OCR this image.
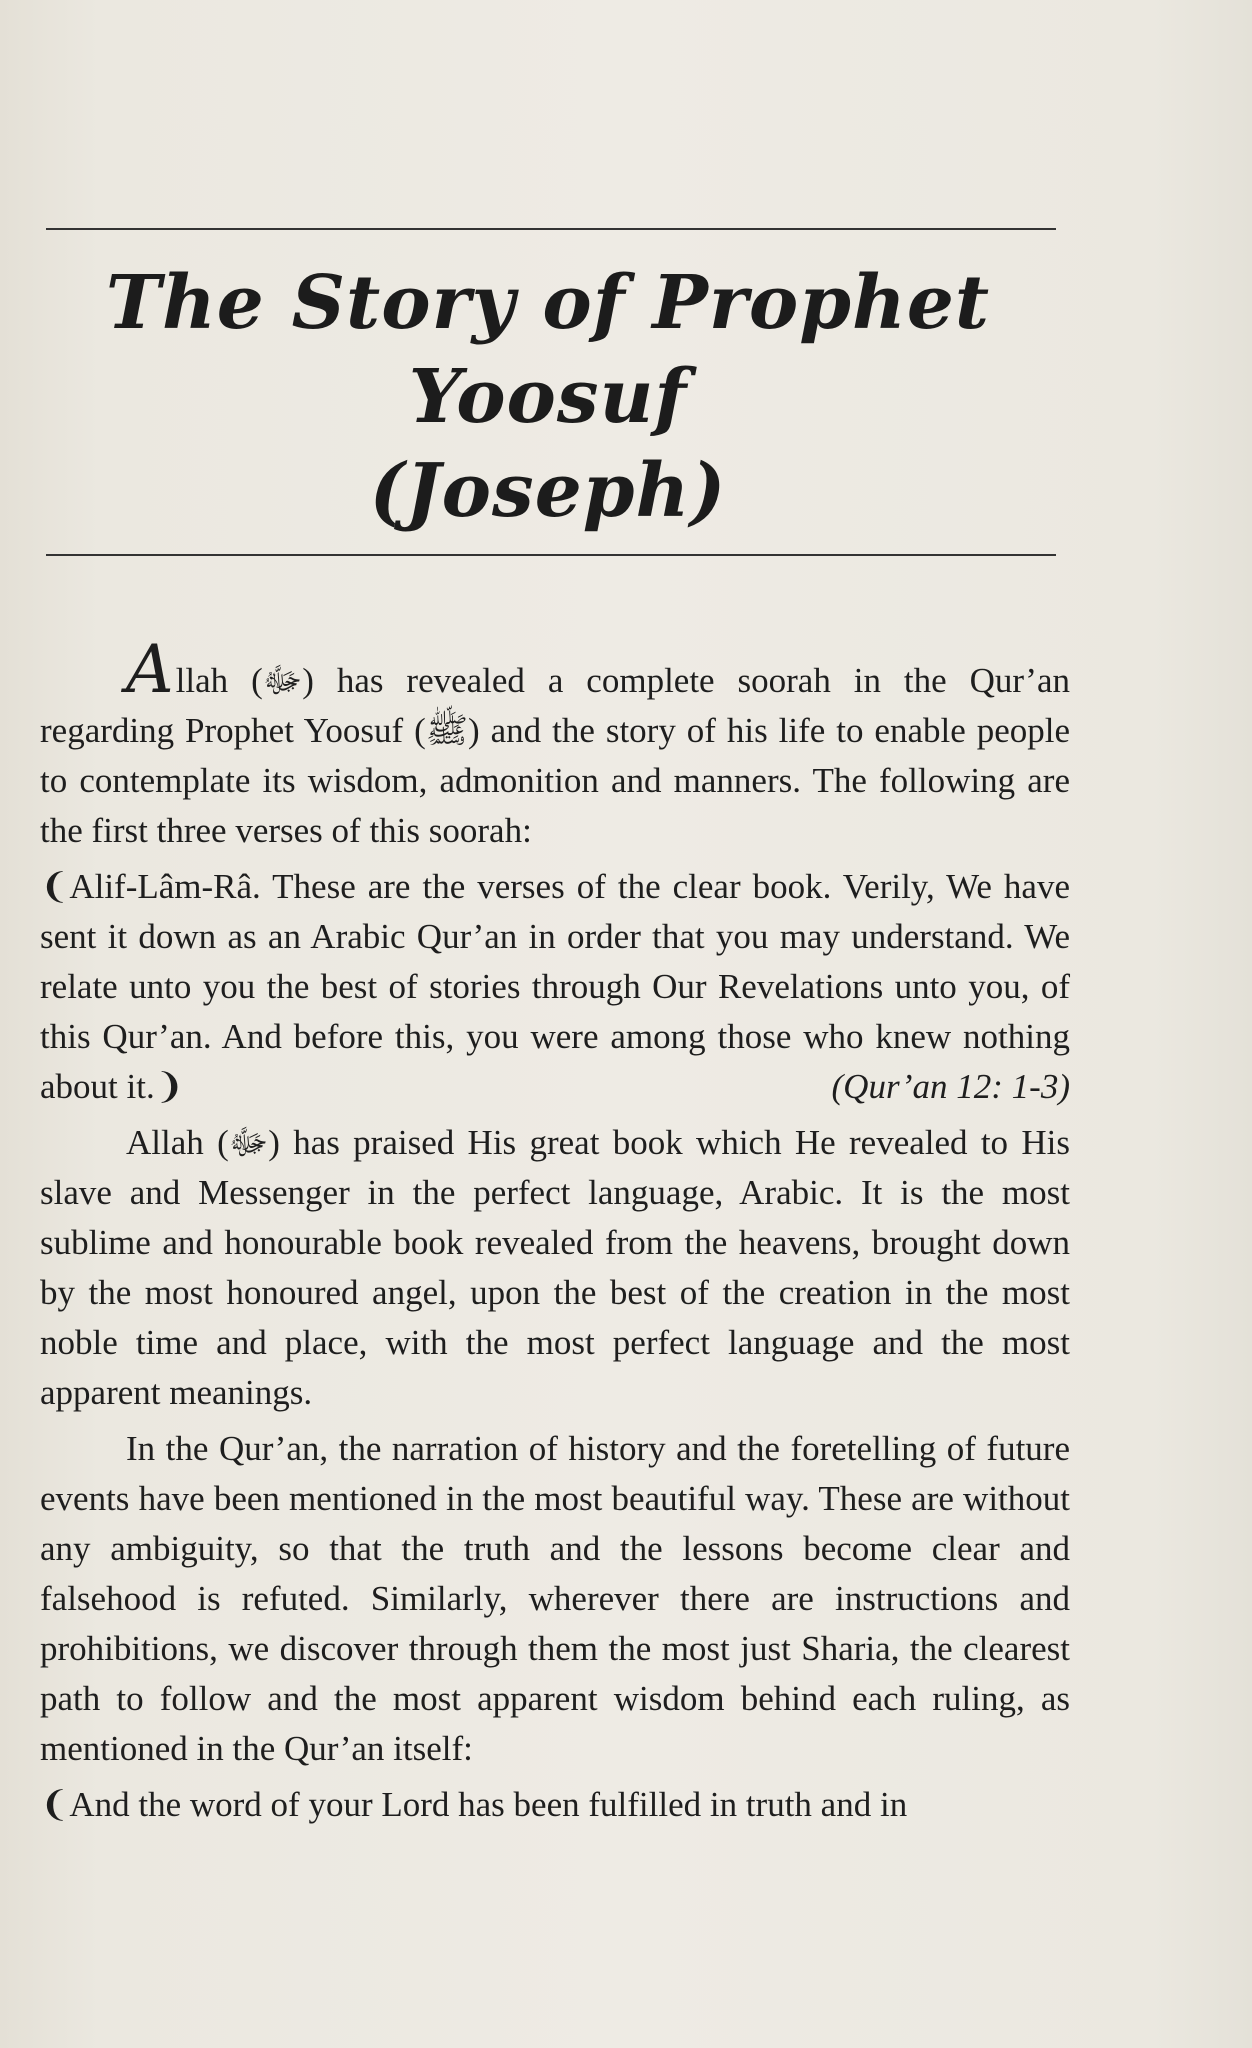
The Story of Prophet Yoosuf
(Joseph)

Allah (ﷻ) has revealed a complete soorah in the Qur’an regarding Prophet Yoosuf (ﷺ) and the story of his life to enable people to contemplate its wisdom, admonition and manners. The following are the first three verses of this soorah:

❨Alif-Lâm-Râ. These are the verses of the clear book. Verily, We have sent it down as an Arabic Qur’an in order that you may understand. We relate unto you the best of stories through Our Revelations unto you, of this Qur’an. And before this, you were among those who knew nothing about it.❩	(Qur’an 12: 1-3)

Allah (ﷻ) has praised His great book which He revealed to His slave and Messenger in the perfect language, Arabic. It is the most sublime and honourable book revealed from the heavens, brought down by the most honoured angel, upon the best of the creation in the most noble time and place, with the most perfect language and the most apparent meanings.

In the Qur’an, the narration of history and the foretelling of future events have been mentioned in the most beautiful way. These are without any ambiguity, so that the truth and the lessons become clear and falsehood is refuted. Similarly, wherever there are instructions and prohibitions, we discover through them the most just Sharia, the clearest path to follow and the most apparent wisdom behind each ruling, as mentioned in the Qur’an itself:

❨And the word of your Lord has been fulfilled in truth and in
